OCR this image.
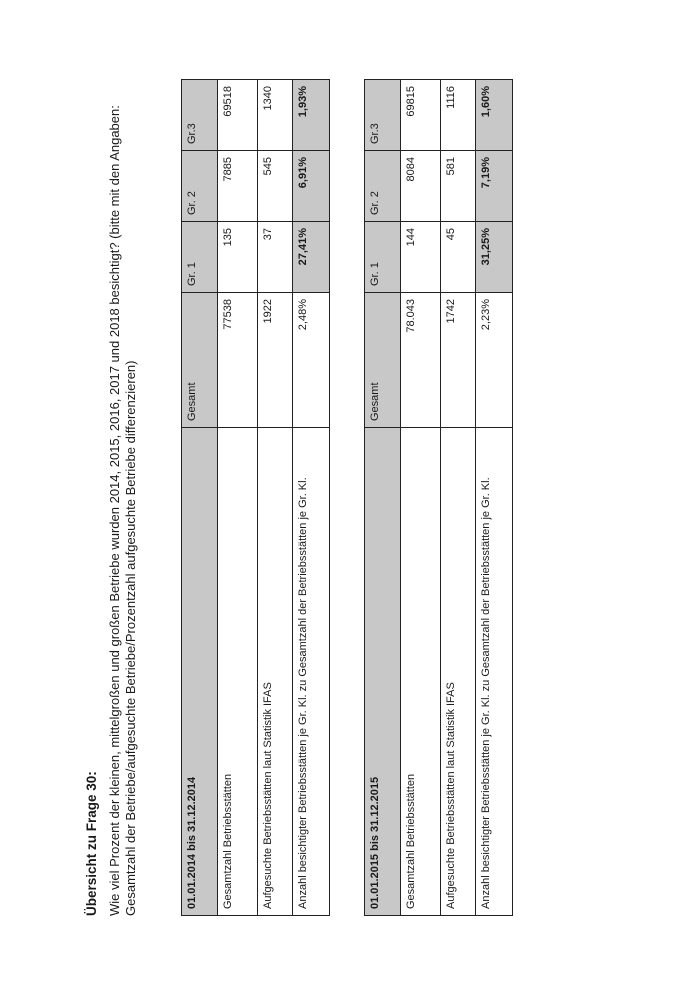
Übersicht zu Frage 30: Wie viel Prozent der kleinen, mittelgroßen und großen Betriebe wurden 2014, 2015, 2016, 2017 und 2018 besichtigt? (bitte mit den Angaben: Gesamtzahl der Betriebe/aufgesuchte Betriebe/Prozentzahl aufgesuchte Betriebe differenzieren)	01.01.2014 bis 31.12.2014	Gesamt	Gr. 1	Gr. 2	Gr.3
Gesamtzahl Betriebsstätten	77538	135	7885	69518
Aufgesuchte Betriebsstätten laut Statistik IFAS	1922	37	545	1340
Anzahl besichtigter Betriebsstätten je Gr. Kl. zu Gesamtzahl der Betriebsstätten je Gr. Kl.	2,48%	27,41%	6,91%	1,93%
01.01.2015 bis 31.12.2015	Gesamt	Gr. 1	Gr. 2	Gr.3
Gesamtzahl Betriebsstätten	78.043	144	8084	69815
Aufgesuchte Betriebsstätten laut Statistik IFAS	1742	45	581	1116
Anzahl besichtigter Betriebsstätten je Gr. Kl. zu Gesamtzahl der Betriebsstätten je Gr. Kl.	2,23%	31,25%	7,19%	1,60%
